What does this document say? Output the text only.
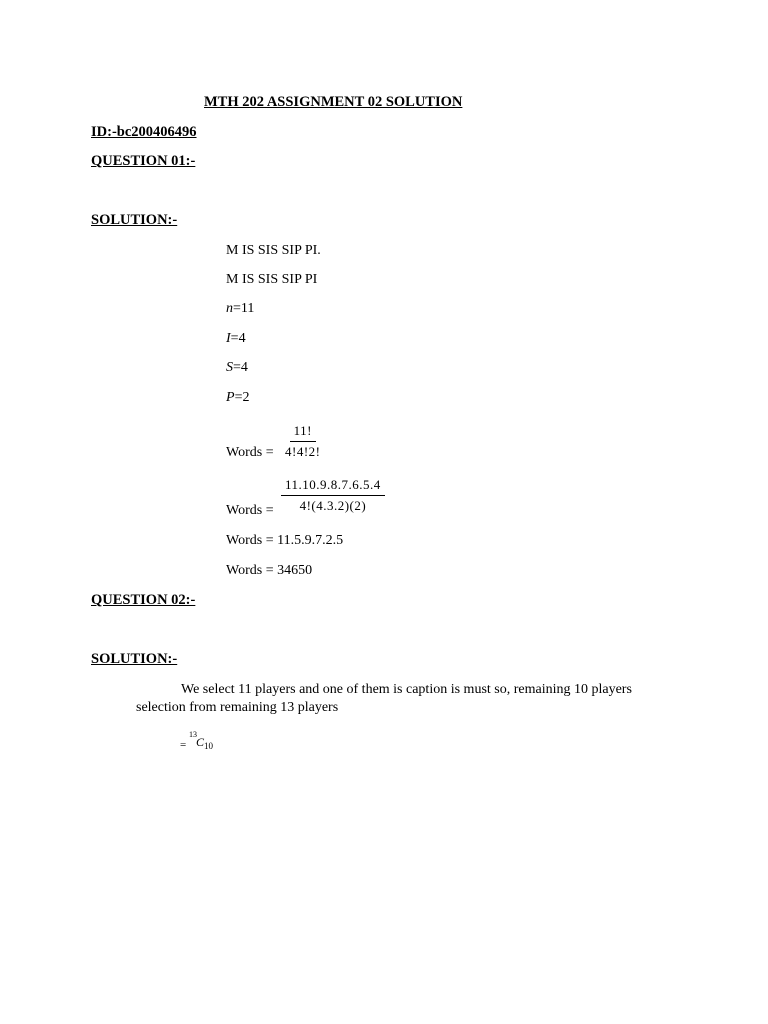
MTH 202 ASSIGNMENT 02 SOLUTION
ID:-bc200406496
QUESTION 01:-
SOLUTION:-
M IS SIS SIP PI.
M IS SIS SIP PI
n=11
I=4
S=4
P=2
Words = $\frac{11!}{4!4!2!}$
Words = $\frac{11.10.9.8.7.6.5.4}{4!(4.3.2)(2)}$
Words = 11.5.9.7.2.5
Words = 34650
QUESTION 02:-
SOLUTION:-
We select 11 players and one of them is caption is must so, remaining 10 players
selection from remaining 13 players
=
13
C 10
